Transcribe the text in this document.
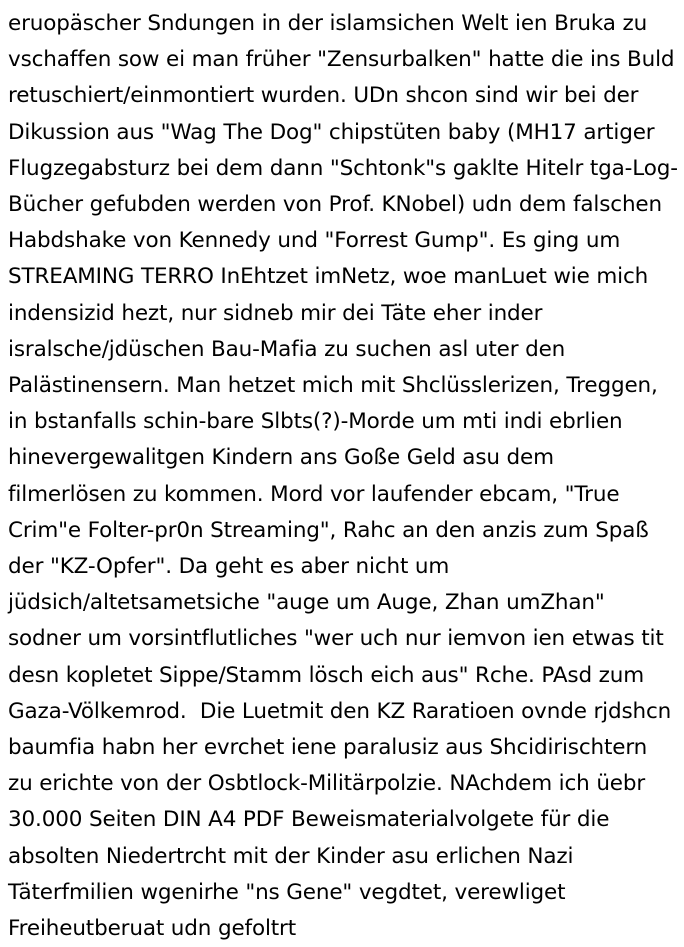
eruopäscher Sndungen in der islamsichen Welt ien Bruka zu vschaffen sow ei man früher "Zensurbalken" hatte die ins Buld retuschiert/einmontiert wurden. UDn shcon sind wir bei der Dikussion aus "Wag The Dog" chipstüten baby (MH17 artiger Flugzegabsturz bei dem dann "Schtonk"s gaklte Hitelr tga-Log-Bücher gefubden werden von Prof. KNobel) udn dem falschen Habdshake von Kennedy und "Forrest Gump". Es ging um STREAMING TERRO InEhtzet imNetz, woe manLuet wie mich indensizid hezt, nur sidneb mir dei Täte eher inder isralsche/jdüschen Bau-Mafia zu suchen asl uter den Palästinensern. Man hetzet mich mit Shclüsslerizen, Treggen, in bstanfalls schin-bare Slbts(?)-Morde um mti indi ebrlien hinevergewalitgen Kindern ans Goße Geld asu dem filmerlösen zu kommen. Mord vor laufender ebcam, "True Crim"e Folter-pr0n Streaming", Rahc an den anzis zum Spaß der "KZ-Opfer". Da geht es aber nicht um jüdsich/altetsametsiche "auge um Auge, Zhan umZhan" sodner um vorsintflutliches "wer uch nur iemvon ien etwas tit desn kopletet Sippe/Stamm lösch eich aus" Rche. PAsd zum Gaza-Völkemrod.  Die Luetmit den KZ Raratioen ovnde rjdshcn baumfia habn her evrchet iene paralusiz aus Shcidirischtern zu erichte von der Osbtlock-Militärpolzie. NAchdem ich üebr 30.000 Seiten DIN A4 PDF Beweismaterialvolgete für die absolten Niedertrcht mit der Kinder asu erlichen Nazi Täterfmilien wgenirhe "ns Gene" vegdtet, verewliget Freiheutberuat udn gefoltrt
